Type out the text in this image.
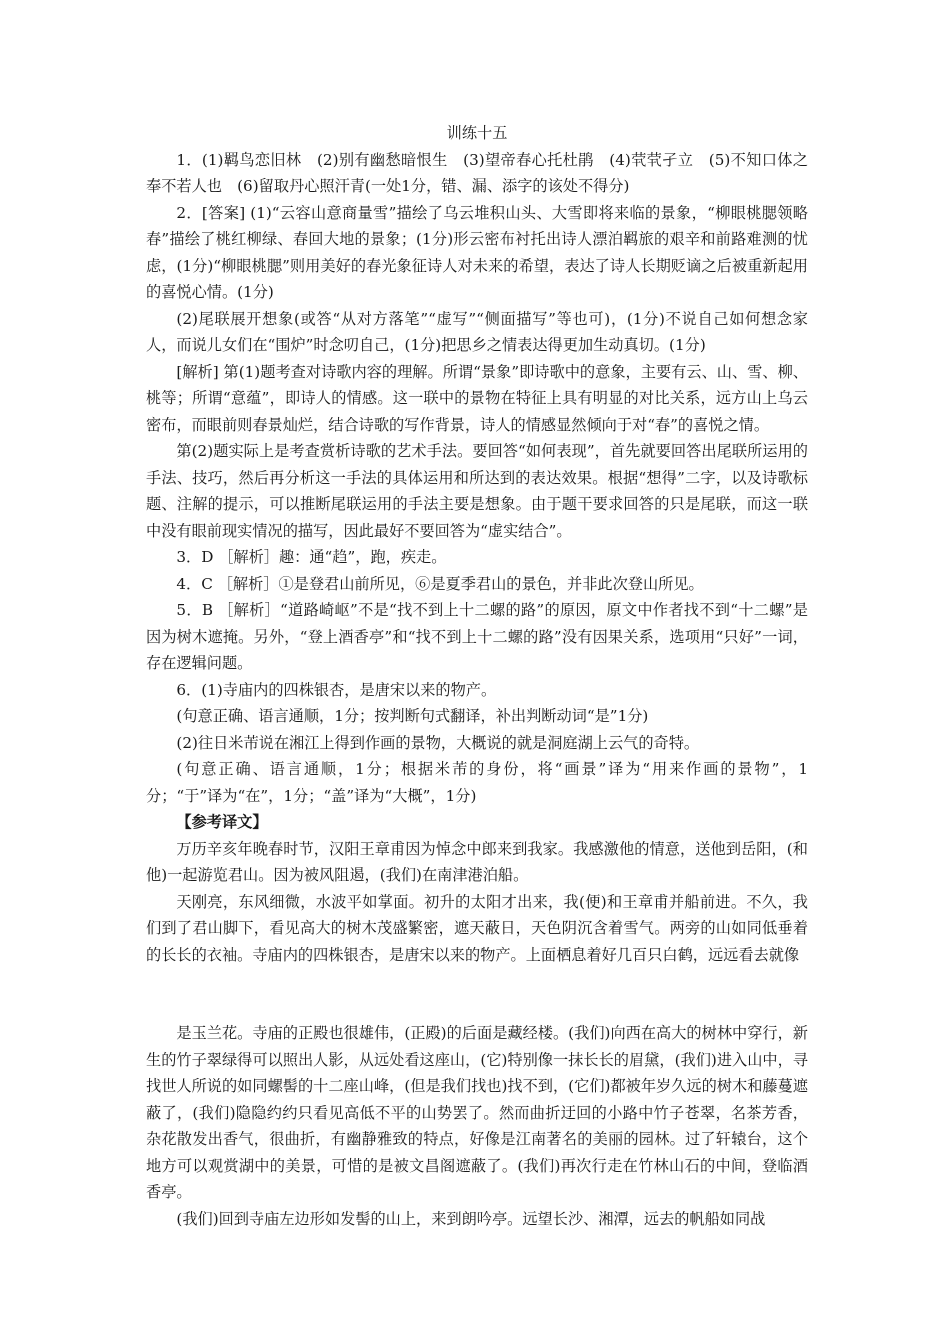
训练十五

1．(1)羁鸟恋旧林　(2)别有幽愁暗恨生　(3)望帝春心托杜鹃　(4)茕茕孑立　(5)不知口体之奉不若人也　(6)留取丹心照汗青(一处1分，错、漏、添字的该处不得分)

2．[答案] (1)“云容山意商量雪”描绘了乌云堆积山头、大雪即将来临的景象，“柳眼桃腮领略春”描绘了桃红柳绿、春回大地的景象；(1分)形云密布衬托出诗人漂泊羁旅的艰辛和前路难测的忧虑，(1分)“柳眼桃腮”则用美好的春光象征诗人对未来的希望，表达了诗人长期贬谪之后被重新起用的喜悦心情。(1分)

(2)尾联展开想象(或答“从对方落笔”“虚写”“侧面描写”等也可)，(1分)不说自己如何想念家人，而说儿女们在“围炉”时念叨自己，(1分)把思乡之情表达得更加生动真切。(1分)

[解析] 第(1)题考查对诗歌内容的理解。所谓“景象”即诗歌中的意象，主要有云、山、雪、柳、桃等；所谓“意蕴”，即诗人的情感。这一联中的景物在特征上具有明显的对比关系，远方山上乌云密布，而眼前则春景灿烂，结合诗歌的写作背景，诗人的情感显然倾向于对“春”的喜悦之情。

第(2)题实际上是考查赏析诗歌的艺术手法。要回答“如何表现”，首先就要回答出尾联所运用的手法、技巧，然后再分析这一手法的具体运用和所达到的表达效果。根据“想得”二字，以及诗歌标题、注解的提示，可以推断尾联运用的手法主要是想象。由于题干要求回答的只是尾联，而这一联中没有眼前现实情况的描写，因此最好不要回答为“虚实结合”。

3．D ［解析］趣：通“趋”，跑，疾走。

4．C ［解析］①是登君山前所见，⑥是夏季君山的景色，并非此次登山所见。

5．B ［解析］“道路崎岖”不是“找不到上十二螺的路”的原因，原文中作者找不到“十二螺”是因为树木遮掩。另外，“登上酒香亭”和“找不到上十二螺的路”没有因果关系，选项用“只好”一词，存在逻辑问题。

6．(1)寺庙内的四株银杏，是唐宋以来的物产。

(句意正确、语言通顺，1分；按判断句式翻译，补出判断动词“是”1分)

(2)往日米芾说在湘江上得到作画的景物，大概说的就是洞庭湖上云气的奇特。

(句意正确、语言通顺，1分；根据米芾的身份，将“画景”译为“用来作画的景物”，1分；“于”译为“在”，1分；“盖”译为“大概”，1分)

【参考译文】

万历辛亥年晚春时节，汉阳王章甫因为悼念中郎来到我家。我感激他的情意，送他到岳阳，(和他)一起游览君山。因为被风阻遏，(我们)在南津港泊船。

天刚亮，东风细微，水波平如掌面。初升的太阳才出来，我(便)和王章甫并船前进。不久，我们到了君山脚下，看见高大的树木茂盛繁密，遮天蔽日，天色阴沉含着雪气。两旁的山如同低垂着的长长的衣袖。寺庙内的四株银杏，是唐宋以来的物产。上面栖息着好几百只白鹤，远远看去就像

是玉兰花。寺庙的正殿也很雄伟，(正殿)的后面是藏经楼。(我们)向西在高大的树林中穿行，新生的竹子翠绿得可以照出人影，从远处看这座山，(它)特别像一抹长长的眉黛，(我们)进入山中，寻找世人所说的如同螺髻的十二座山峰，(但是我们找也)找不到，(它们)都被年岁久远的树木和藤蔓遮蔽了，(我们)隐隐约约只看见高低不平的山势罢了。然而曲折迂回的小路中竹子苍翠，名茶芳香，杂花散发出香气，很曲折，有幽静雅致的特点，好像是江南著名的美丽的园林。过了轩辕台，这个地方可以观赏湖中的美景，可惜的是被文昌阁遮蔽了。(我们)再次行走在竹林山石的中间，登临酒香亭。

(我们)回到寺庙左边形如发髻的山上，来到朗吟亭。远望长沙、湘潭，远去的帆船如同战
